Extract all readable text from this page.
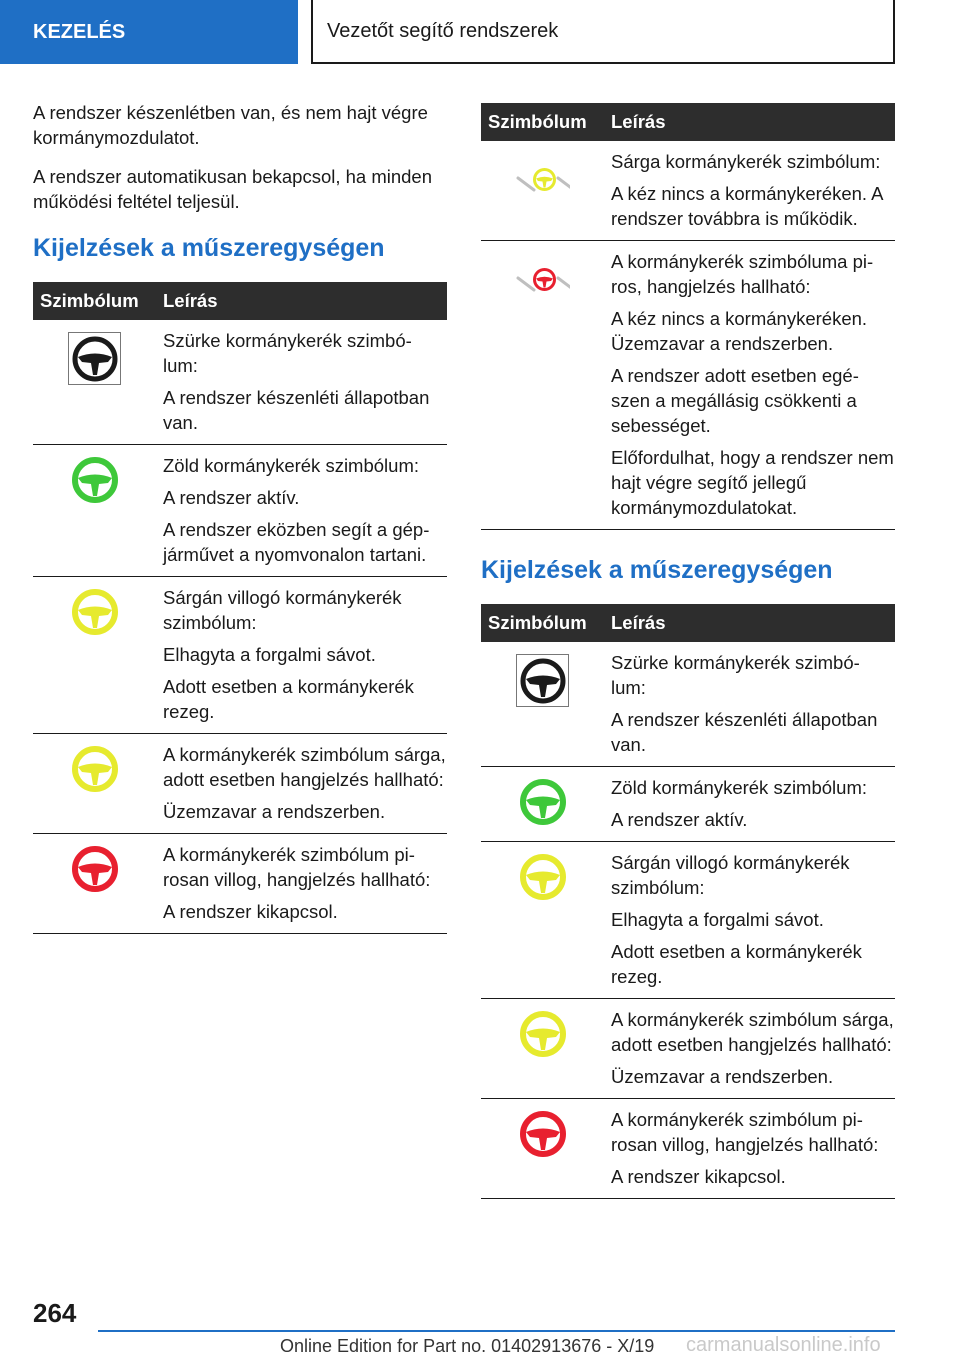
KEZELÉS	Vezetőt segítő rendszerek

A rendszer készenlétben van, és nem hajt végre kormánymozdulatot.

A rendszer automatikusan bekapcsol, ha minden működési feltétel teljesül.

Kijelzések a műszeregységen
Szimbólum	Leírás

Szürke kormánykerék szimbó- lum:
A rendszer készenléti állapotban van.

Zöld kormánykerék szimbólum:
A rendszer aktív.
A rendszer eközben segít a gép- járművet a nyomvonalon tartani.

Sárgán villogó kormánykerék szimbólum:
Elhagyta a forgalmi sávot.
Adott esetben a kormánykerék rezeg.

A kormánykerék szimbólum sárga, adott esetben hangjelzés hallható:
Üzemzavar a rendszerben.

A kormánykerék szimbólum pi- rosan villog, hangjelzés hallható:
A rendszer kikapcsol.
Szimbólum	Leírás

Sárga kormánykerék szimbólum:
A kéz nincs a kormánykeréken. A rendszer továbbra is működik.

A kormánykerék szimbóluma pi- ros, hangjelzés hallható:
A kéz nincs a kormánykeréken. Üzemzavar a rendszerben.
A rendszer adott esetben egé- szen a megállásig csökkenti a sebességet.
Előfordulhat, hogy a rendszer nem hajt végre segítő jellegű kormánymozdulatokat.
Kijelzések a műszeregységen
Szimbólum	Leírás

Szürke kormánykerék szimbó- lum:
A rendszer készenléti állapotban van.

Zöld kormánykerék szimbólum:
A rendszer aktív.

Sárgán villogó kormánykerék szimbólum:
Elhagyta a forgalmi sávot.
Adott esetben a kormánykerék rezeg.

A kormánykerék szimbólum sárga, adott esetben hangjelzés hallható:
Üzemzavar a rendszerben.

A kormánykerék szimbólum pi- rosan villog, hangjelzés hallható:
A rendszer kikapcsol.
264
Online Edition for Part no. 01402913676 - X/19 carmanualsonline.info
